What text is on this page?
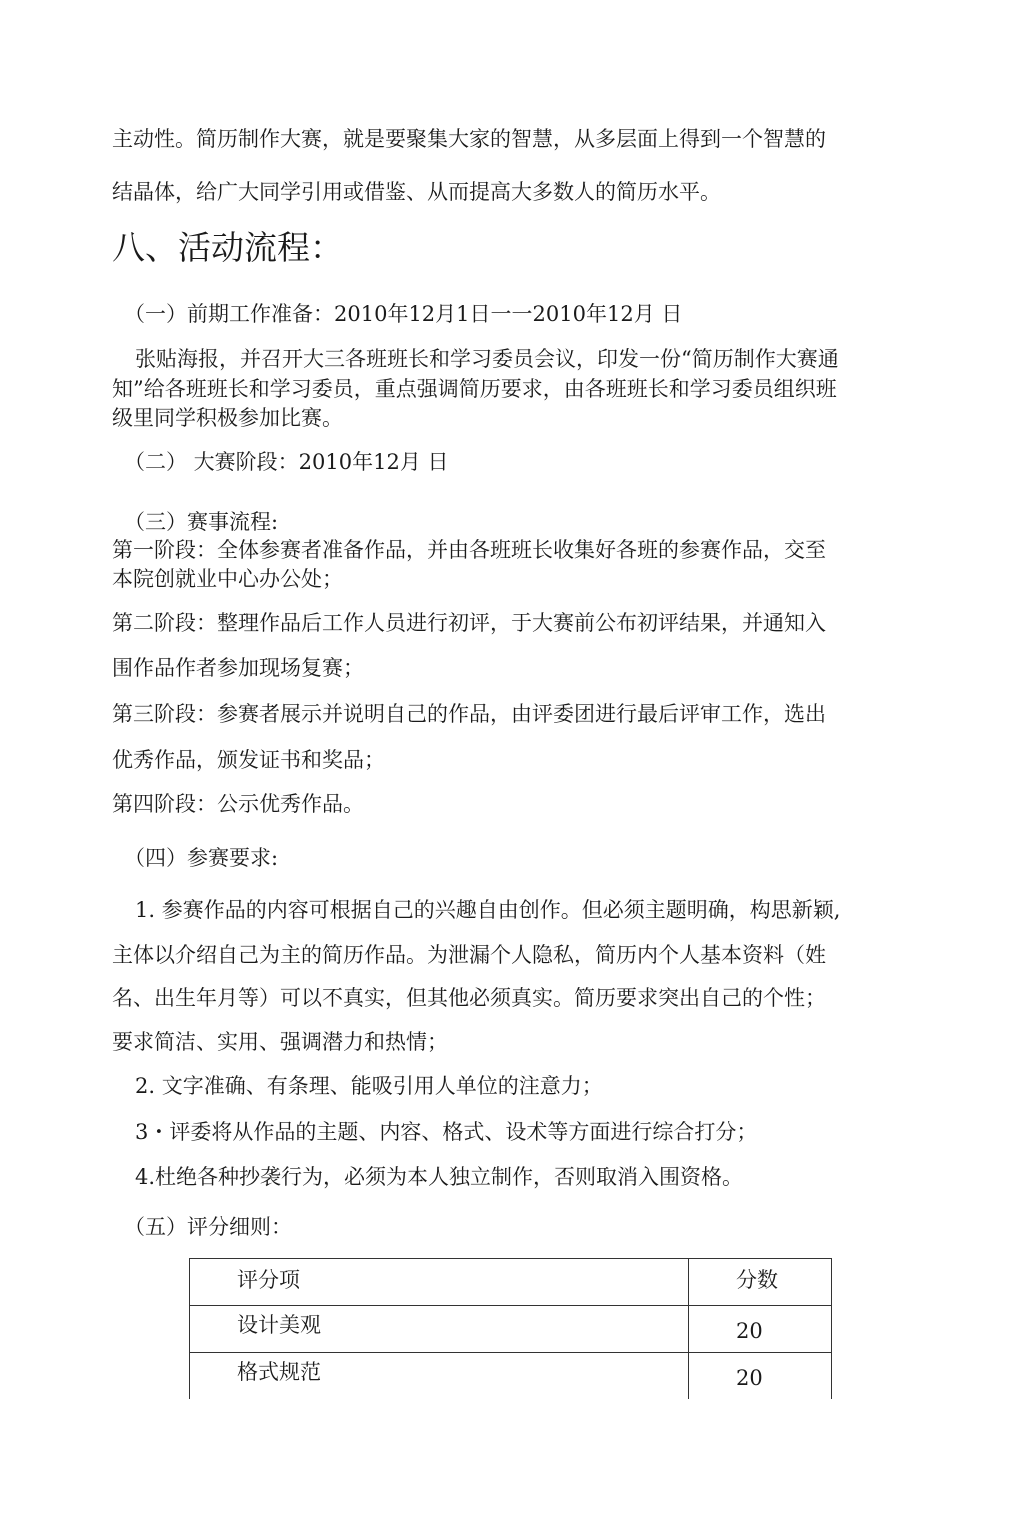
主动性。简历制作大赛，就是要聚集大家的智慧，从多层面上得到一个智慧的
结晶体，给广大同学引用或借鉴、从而提高大多数人的简历水平。
八、活动流程：
（一）前期工作准备：2010年12月1日一一2010年12月 日
张贴海报，并召开大三各班班长和学习委员会议，印发一份“简历制作大赛通
知”给各班班长和学习委员，重点强调简历要求，由各班班长和学习委员组织班
级里同学积极参加比赛。
（二） 大赛阶段：2010年12月 日
（三）赛事流程:
第一阶段：全体参赛者准备作品，并由各班班长收集好各班的参赛作品，交至
本院创就业中心办公处；
第二阶段：整理作品后工作人员进行初评，于大赛前公布初评结果，并通知入
围作品作者参加现场复赛；
第三阶段：参赛者展示并说明自己的作品，由评委团进行最后评审工作，选出
优秀作品，颁发证书和奖品；
第四阶段：公示优秀作品。
（四）参赛要求:
1. 参赛作品的内容可根据自己的兴趣自由创作。但必须主题明确，构思新颖,
主体以介绍自己为主的简历作品。为泄漏个人隐私，简历内个人基本资料（姓
名、出生年月等）可以不真实，但其他必须真实。简历要求突出自己的个性；
要求简洁、实用、强调潜力和热情；
2. 文字准确、有条理、能吸引用人单位的注意力；
3・评委将从作品的主题、内容、格式、设术等方面进行综合打分；
4.杜绝各种抄袭行为，必须为本人独立制作，否则取消入围资格。
（五）评分细则：
评分项	分数

设计美观	20

格式规范	20
